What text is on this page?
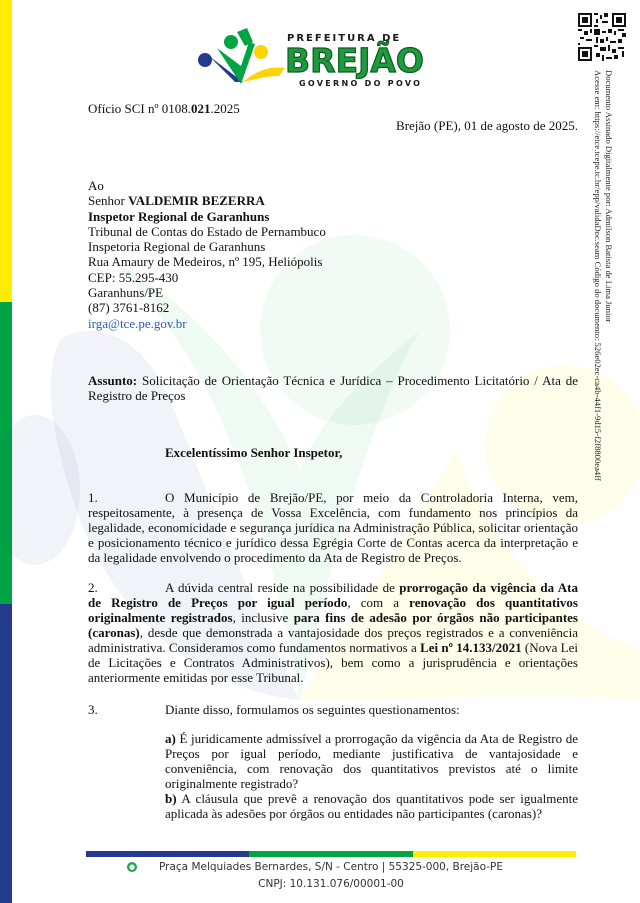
PREFEITURA DE
BREJÃO
GOVERNO DO POVO	Documento Assinado Digitalmente por: Admilson Batista de Lima Junior
Acesse em: https://etce.tcepe.tc.br/epp/validaDoc.seam Código do documento: 526e02ec-ca4b-44f1-9d15-f2f8800ea4ff
Ofício SCI nº 0108.021.2025
Brejão (PE), 01 de agosto de 2025.
Ao
Senhor VALDEMIR BEZERRA
Inspetor Regional de Garanhuns
Tribunal de Contas do Estado de Pernambuco
Inspetoria Regional de Garanhuns
Rua Amaury de Medeiros, nº 195, Heliópolis
CEP: 55.295-430
Garanhuns/PE
(87) 3761-8162
irga@tce.pe.gov.br
Assunto: Solicitação de Orientação Técnica e Jurídica – Procedimento Licitatório / Ata de Registro de Preços
Excelentíssimo Senhor Inspetor,
1.	O Município de Brejão/PE, por meio da Controladoria Interna, vem, respeitosamente, à presença de Vossa Excelência, com fundamento nos princípios da legalidade, economicidade e segurança jurídica na Administração Pública, solicitar orientação e posicionamento técnico e jurídico dessa Egrégia Corte de Contas acerca da interpretação e da legalidade envolvendo o procedimento da Ata de Registro de Preços.
2.	A dúvida central reside na possibilidade de prorrogação da vigência da Ata de Registro de Preços por igual período, com a renovação dos quantitativos originalmente registrados, inclusive para fins de adesão por órgãos não participantes (caronas), desde que demonstrada a vantajosidade dos preços registrados e a conveniência administrativa. Consideramos como fundamentos normativos a Lei nº 14.133/2021 (Nova Lei de Licitações e Contratos Administrativos), bem como a jurisprudência e orientações anteriormente emitidas por esse Tribunal.
3.	Diante disso, formulamos os seguintes questionamentos:
a) É juridicamente admissível a prorrogação da vigência da Ata de Registro de Preços por igual período, mediante justificativa de vantajosidade e conveniência, com renovação dos quantitativos previstos até o limite originalmente registrado?
b) A cláusula que prevê a renovação dos quantitativos pode ser igualmente aplicada às adesões por órgãos ou entidades não participantes (caronas)?
●	Praça Melquiades Bernardes, S/N - Centro | 55325-000, Brejão-PE
CNPJ: 10.131.076/00001-00
